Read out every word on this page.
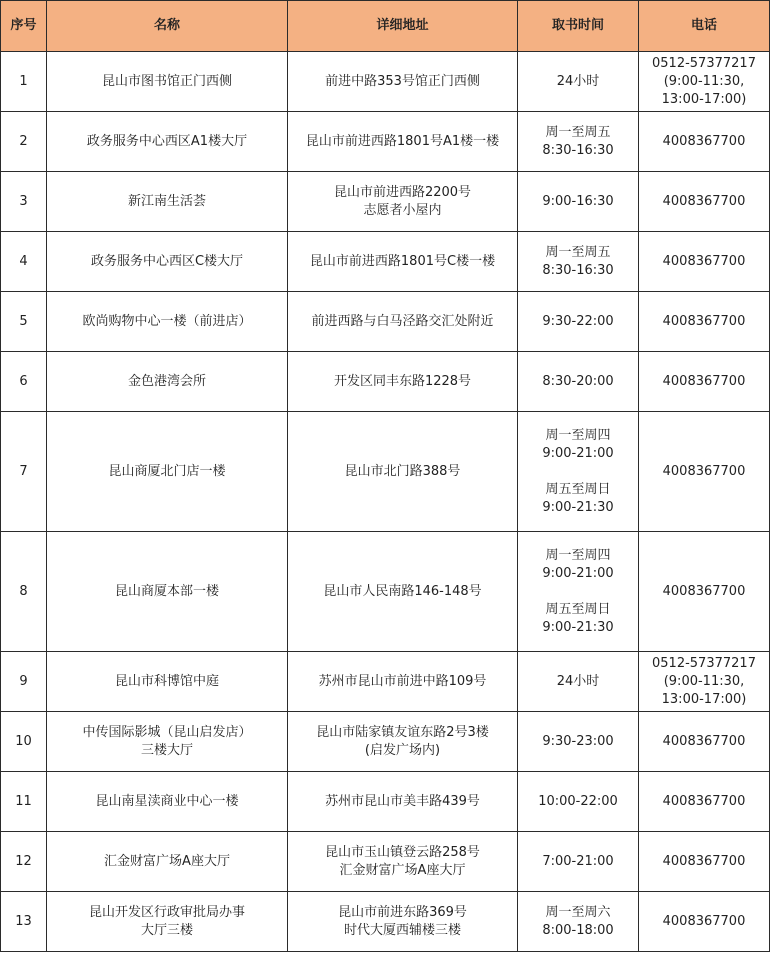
序号	名称	详细地址	取书时间	电话
1	昆山市图书馆正门西侧	前进中路353号馆正门西侧	24小时	0512-57377217
(9:00-11:30,
13:00-17:00)
2	政务服务中心西区A1楼大厅	昆山市前进西路1801号A1楼一楼	周一至周五
8:30-16:30	4008367700
3	新江南生活荟	昆山市前进西路2200号
志愿者小屋内	9:00-16:30	4008367700
4	政务服务中心西区C楼大厅	昆山市前进西路1801号C楼一楼	周一至周五
8:30-16:30	4008367700
5	欧尚购物中心一楼（前进店）	前进西路与白马泾路交汇处附近	9:30-22:00	4008367700
6	金色港湾会所	开发区同丰东路1228号	8:30-20:00	4008367700
7	昆山商厦北门店一楼	昆山市北门路388号	周一至周四
9:00-21:00

周五至周日
9:00-21:30	4008367700
8	昆山商厦本部一楼	昆山市人民南路146-148号	周一至周四
9:00-21:00

周五至周日
9:00-21:30	4008367700
9	昆山市科博馆中庭	苏州市昆山市前进中路109号	24小时	0512-57377217
(9:00-11:30,
13:00-17:00)
10	中传国际影城（昆山启发店）
三楼大厅	昆山市陆家镇友谊东路2号3楼
(启发广场内)	9:30-23:00	4008367700
11	昆山南星渎商业中心一楼	苏州市昆山市美丰路439号	10:00-22:00	4008367700
12	汇金财富广场A座大厅	昆山市玉山镇登云路258号
汇金财富广场A座大厅	7:00-21:00	4008367700
13	昆山开发区行政审批局办事
大厅三楼	昆山市前进东路369号
时代大厦西辅楼三楼	周一至周六
8:00-18:00	4008367700
